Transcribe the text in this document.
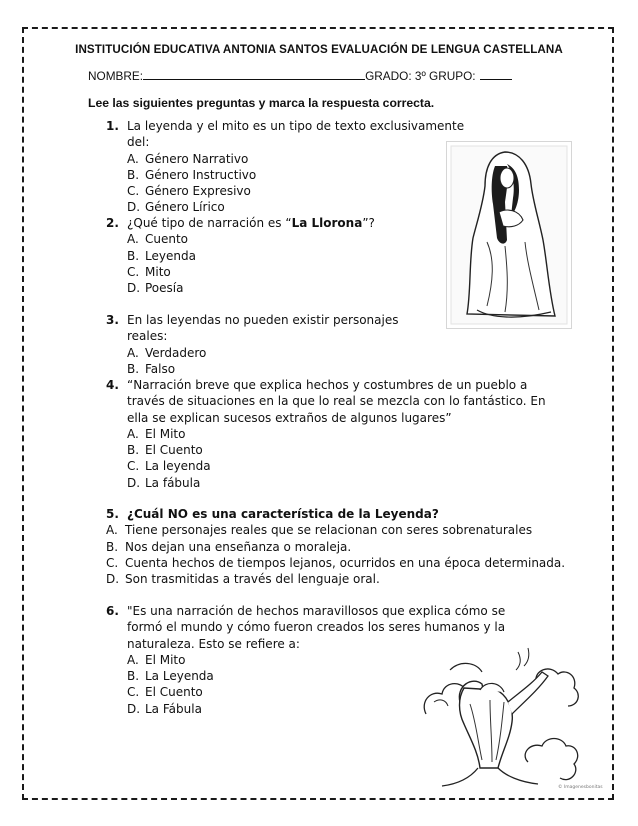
INSTITUCIÓN EDUCATIVA ANTONIA SANTOS EVALUACIÓN DE LENGUA CASTELLANA
NOMBRE:	GRADO: 3º GRUPO:
Lee las siguientes preguntas y marca la respuesta correcta.
1. La leyenda y el mito es un tipo de texto exclusivamente del:
A. Género Narrativo
B. Género Instructivo
C. Género Expresivo
D. Género Lírico
2. ¿Qué tipo de narración es “La Llorona”?
A. Cuento
B. Leyenda
C. Mito
D. Poesía
3. En las leyendas no pueden existir personajes reales:
A. Verdadero
B. Falso
4. “Narración breve que explica hechos y costumbres de un pueblo a través de situaciones en la que lo real se mezcla con lo fantástico. En ella se explican sucesos extraños de algunos lugares”
A. El Mito
B. El Cuento
C. La leyenda
D. La fábula
5. ¿Cuál NO es una característica de la Leyenda?
A. Tiene personajes reales que se relacionan con seres sobrenaturales
B. Nos dejan una enseñanza o moraleja.
C. Cuenta hechos de tiempos lejanos, ocurridos en una época determinada.
D. Son trasmitidas a través del lenguaje oral.
6. "Es una narración de hechos maravillosos que explica cómo se formó el mundo y cómo fueron creados los seres humanos y la naturaleza. Esto se refiere a:
A. El Mito
B. La Leyenda
C. El Cuento
D. La Fábula
© Imagenesbonitas
